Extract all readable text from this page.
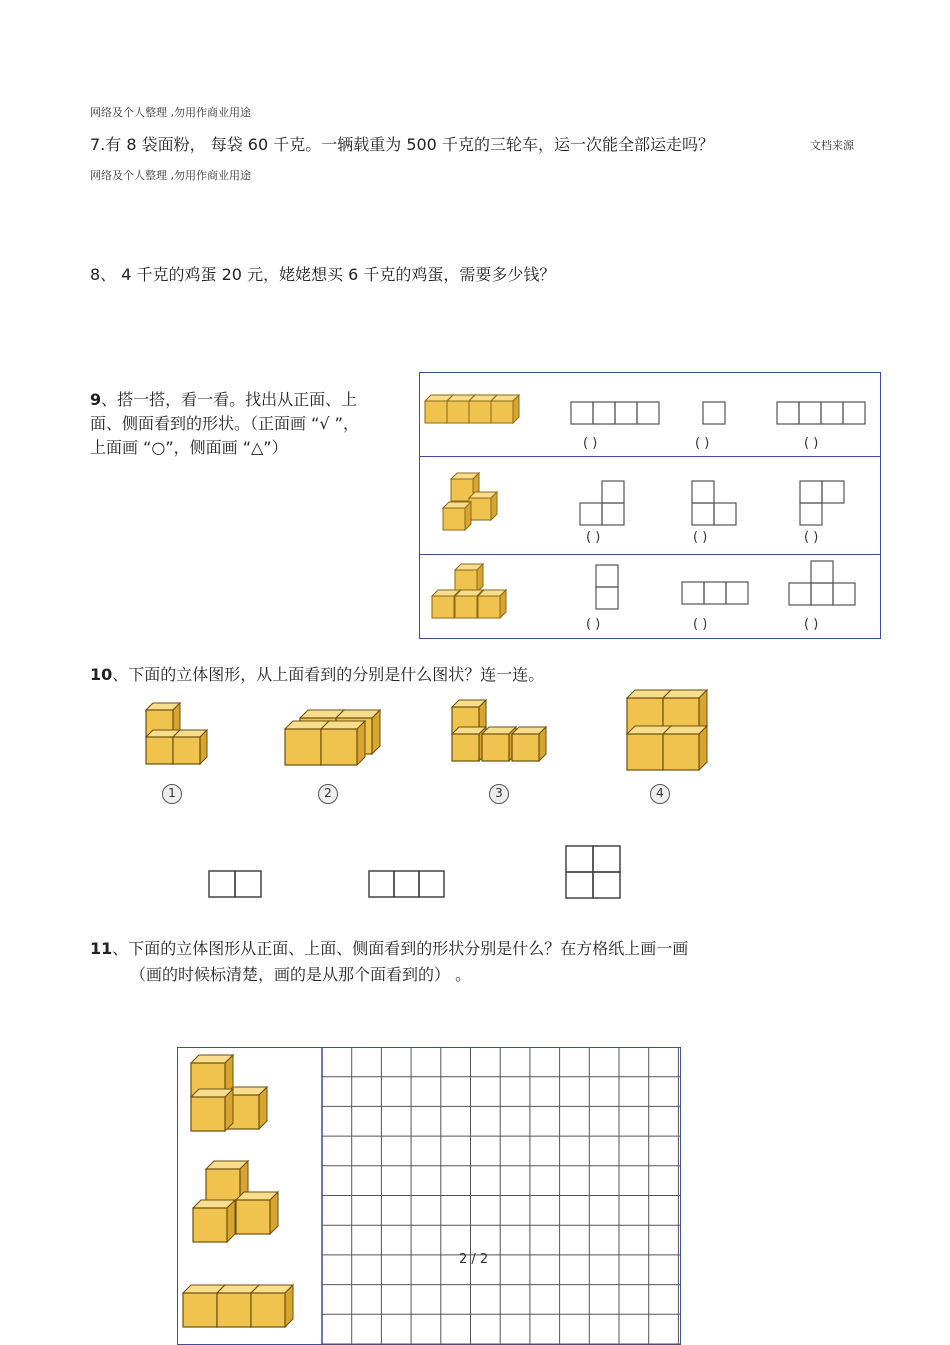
网络及个人整理 ,勿用作商业用途
7.有 8 袋面粉， 每袋 60 千克。一辆载重为 500 千克的三轮车，运一次能全部运走吗？	文档来源
网络及个人整理 ,勿用作商业用途
8、 4 千克的鸡蛋 20 元，姥姥想买 6 千克的鸡蛋，需要多少钱？
9、搭一搭，看一看。找出从正面、上
面、侧面看到的形状。（正面画 “√ ”，
上面画 “○”，侧面画 “△”）	( )	( )	( )
( )	( )	( )
( )	( )	( )
10、下面的立体图形，从上面看到的分别是什么图状？连一连。
1	2	3	4
11、下面的立体图形从正面、上面、侧面看到的形状分别是什么？在方格纸上画一画
（画的时候标清楚，画的是从那个面看到的） 。
2 / 2
